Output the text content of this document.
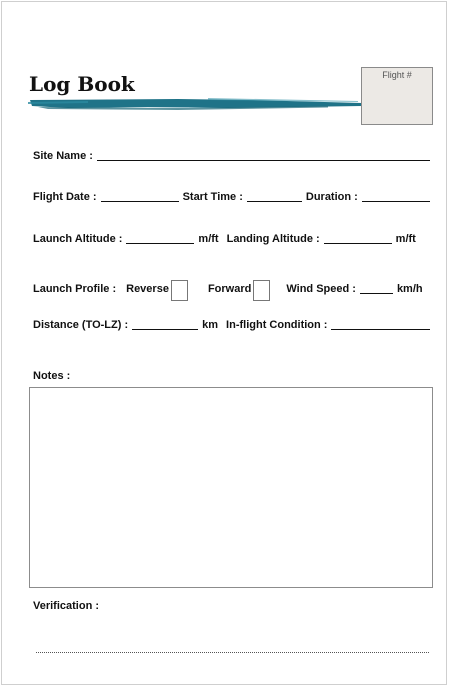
Log Book	Flight #
Site Name :
Flight Date :	Start Time :	Duration :
Launch Altitude :	m/ft Landing Altitude :	m/ft
Launch Profile : Reverse	Forward	Wind Speed :	km/h
Distance (TO-LZ) :	km In-flight Condition :
Notes :
Verification :
